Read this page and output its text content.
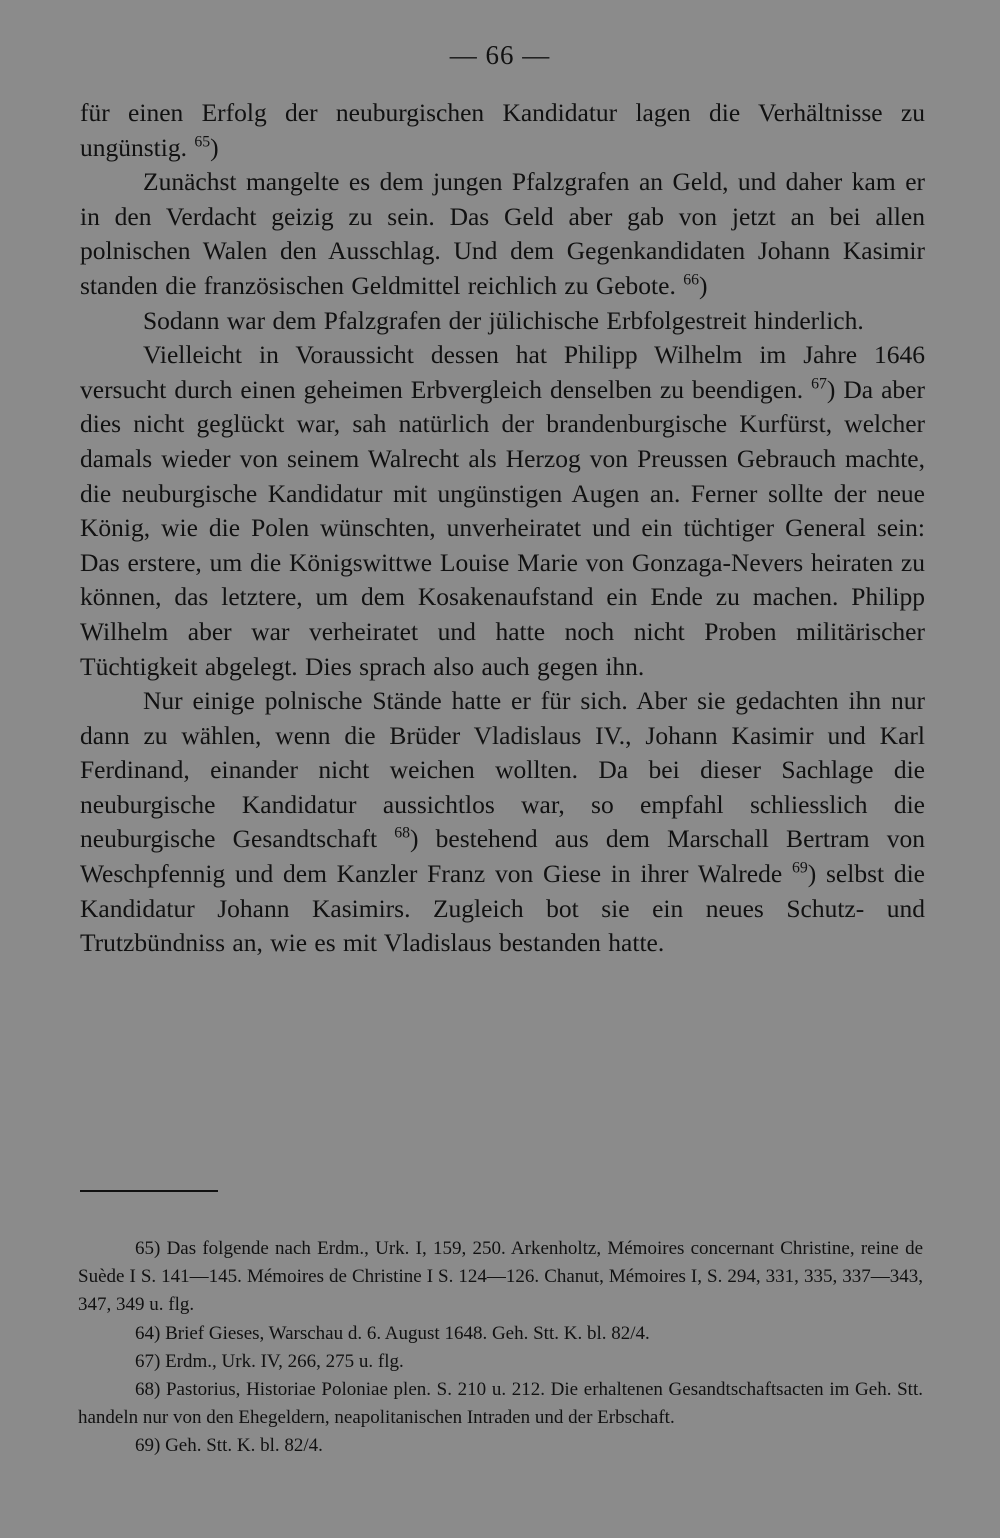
— 66 —

für einen Erfolg der neuburgischen Kandidatur lagen die Verhältnisse zu ungünstig. $^{65}$)

Zunächst mangelte es dem jungen Pfalzgrafen an Geld, und daher kam er in den Verdacht geizig zu sein. Das Geld aber gab von jetzt an bei allen polnischen Walen den Ausschlag. Und dem Gegenkandidaten Johann Kasimir standen die französischen Geldmittel reichlich zu Gebote. $^{66}$)

Sodann war dem Pfalzgrafen der jülichische Erbfolgestreit hinderlich.

Vielleicht in Voraussicht dessen hat Philipp Wilhelm im Jahre 1646 versucht durch einen geheimen Erbvergleich denselben zu beendigen. $^{67}$) Da aber dies nicht geglückt war, sah natürlich der brandenburgische Kurfürst, welcher damals wieder von seinem Walrecht als Herzog von Preussen Gebrauch machte, die neuburgische Kandidatur mit ungünstigen Augen an. Ferner sollte der neue König, wie die Polen wünschten, unverheiratet und ein tüchtiger General sein: Das erstere, um die Königswittwe Louise Marie von Gonzaga-Nevers heiraten zu können, das letztere, um dem Kosakenaufstand ein Ende zu machen. Philipp Wilhelm aber war verheiratet und hatte noch nicht Proben militärischer Tüchtigkeit abgelegt. Dies sprach also auch gegen ihn.

Nur einige polnische Stände hatte er für sich. Aber sie gedachten ihn nur dann zu wählen, wenn die Brüder Vladislaus IV., Johann Kasimir und Karl Ferdinand, einander nicht weichen wollten. Da bei dieser Sachlage die neuburgische Kandidatur aussichtlos war, so empfahl schliesslich die neuburgische Gesandtschaft $^{68}$) bestehend aus dem Marschall Bertram von Weschpfennig und dem Kanzler Franz von Giese in ihrer Walrede $^{69}$) selbst die Kandidatur Johann Kasimirs. Zugleich bot sie ein neues Schutz- und Trutzbündniss an, wie es mit Vladislaus bestanden hatte.

65) Das folgende nach Erdm., Urk. I, 159, 250. Arkenholtz, Mémoires concernant Christine, reine de Suède I S. 141—145. Mémoires de Christine I S. 124—126. Chanut, Mémoires I, S. 294, 331, 335, 337—343, 347, 349 u. flg.

64) Brief Gieses, Warschau d. 6. August 1648. Geh. Stt. K. bl. 82/4.

67) Erdm., Urk. IV, 266, 275 u. flg.

68) Pastorius, Historiae Poloniae plen. S. 210 u. 212. Die erhaltenen Gesandtschaftsacten im Geh. Stt. handeln nur von den Ehegeldern, neapolitanischen Intraden und der Erbschaft.

69) Geh. Stt. K. bl. 82/4.
